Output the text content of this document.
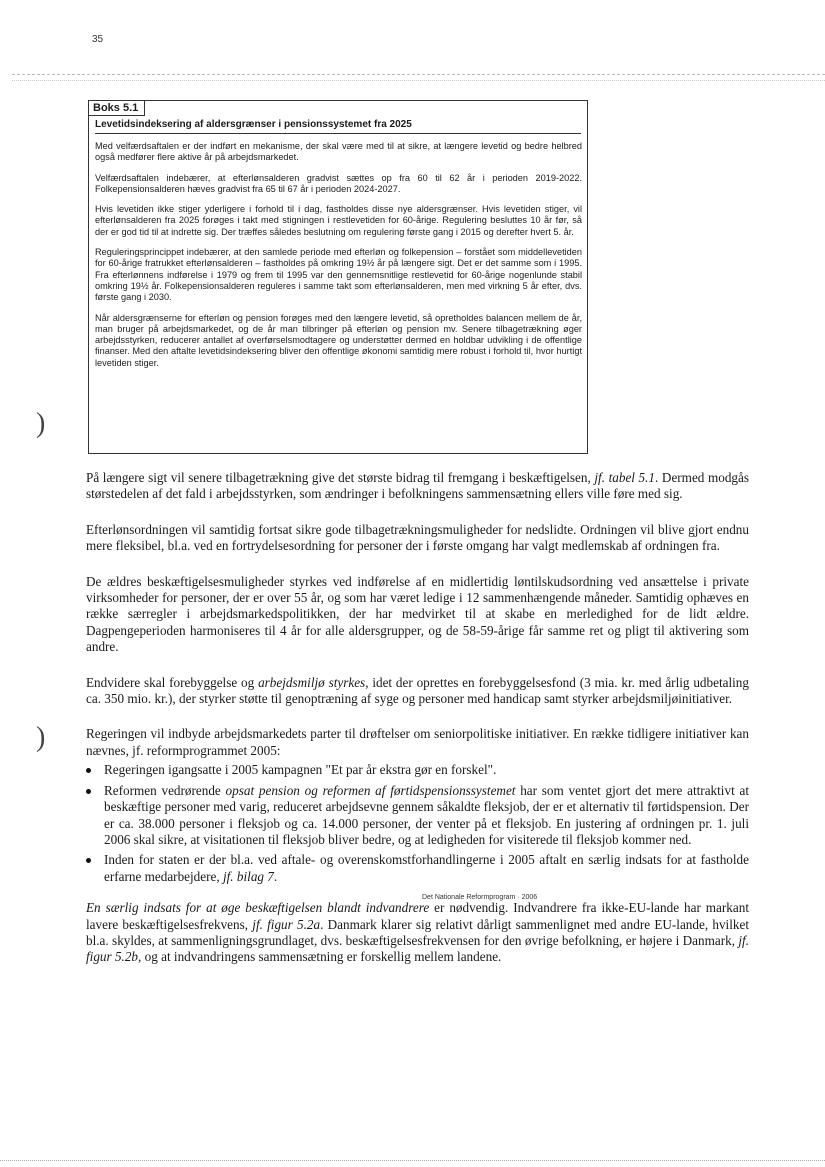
35
Boks 5.1
Levetidsindeksering af aldersgrænser i pensionssystemet fra 2025

Med velfærdsaftalen er der indført en mekanisme, der skal være med til at sikre, at længere levetid og bedre helbred også medfører flere aktive år på arbejdsmarkedet.

Velfærdsaftalen indebærer, at efterlønsalderen gradvist sættes op fra 60 til 62 år i perioden 2019-2022. Folkepensionsalderen hæves gradvist fra 65 til 67 år i perioden 2024-2027.

Hvis levetiden ikke stiger yderligere i forhold til i dag, fastholdes disse nye aldersgrænser. Hvis levetiden stiger, vil efterlønsalderen fra 2025 forøges i takt med stigningen i restlevetiden for 60-årige. Regulering besluttes 10 år før, så der er god tid til at indrette sig. Der træffes således beslutning om regulering første gang i 2015 og derefter hvert 5. år.

Reguleringsprincippet indebærer, at den samlede periode med efterløn og folkepension – forstået som middellevetiden for 60-årige fratrukket efterlønsalderen – fastholdes på omkring 19½ år på længere sigt. Det er det samme som i 1995. Fra efterlønnens indførelse i 1979 og frem til 1995 var den gennemsnitlige restlevetid for 60-årige nogenlunde stabil omkring 19½ år. Folkepensionsalderen reguleres i samme takt som efterlønsalderen, men med virkning 5 år efter, dvs. første gang i 2030.

Når aldersgrænserne for efterløn og pension forøges med den længere levetid, så opretholdes balancen mellem de år, man bruger på arbejdsmarkedet, og de år man tilbringer på efterløn og pension mv. Senere tilbagetrækning øger arbejdsstyrken, reducerer antallet af overførselsmodtagere og understøtter dermed en holdbar udvikling i de offentlige finanser. Med den aftalte levetidsindeksering bliver den offentlige økonomi samtidig mere robust i forhold til, hvor hurtigt levetiden stiger.

)
)

På længere sigt vil senere tilbagetrækning give det største bidrag til fremgang i beskæftigelsen, jf. tabel 5.1. Dermed modgås størstedelen af det fald i arbejdsstyrken, som ændringer i befolkningens sammensætning ellers ville føre med sig.

Efterlønsordningen vil samtidig fortsat sikre gode tilbagetrækningsmuligheder for nedslidte. Ordningen vil blive gjort endnu mere fleksibel, bl.a. ved en fortrydelsesordning for personer der i første omgang har valgt medlemskab af ordningen fra.

De ældres beskæftigelsesmuligheder styrkes ved indførelse af en midlertidig løntilskudsordning ved ansættelse i private virksomheder for personer, der er over 55 år, og som har været ledige i 12 sammenhængende måneder. Samtidig ophæves en række særregler i arbejdsmarkedspolitikken, der har medvirket til at skabe en merledighed for de lidt ældre. Dagpengeperioden harmoniseres til 4 år for alle aldersgrupper, og de 58-59-årige får samme ret og pligt til aktivering som andre.

Endvidere skal forebyggelse og arbejdsmiljø styrkes, idet der oprettes en forebyggelsesfond (3 mia. kr. med årlig udbetaling ca. 350 mio. kr.), der styrker støtte til genoptræning af syge og personer med handicap samt styrker arbejdsmiljøinitiativer.

Regeringen vil indbyde arbejdsmarkedets parter til drøftelser om seniorpolitiske initiativer. En række tidligere initiativer kan nævnes, jf. reformprogrammet 2005:

Regeringen igangsatte i 2005 kampagnen "Et par år ekstra gør en forskel".
Reformen vedrørende opsat pension og reformen af førtidspensionssystemet har som ventet gjort det mere attraktivt at beskæftige personer med varig, reduceret arbejdsevne gennem såkaldte fleksjob, der er et alternativ til førtidspension. Der er ca. 38.000 personer i fleksjob og ca. 14.000 personer, der venter på et fleksjob. En justering af ordningen pr. 1. juli 2006 skal sikre, at visitationen til fleksjob bliver bedre, og at ledigheden for visiterede til fleksjob kommer ned.
Inden for staten er der bl.a. ved aftale- og overenskomstforhandlingerne i 2005 aftalt en særlig indsats for at fastholde erfarne medarbejdere, jf. bilag 7.

En særlig indsats for at øge beskæftigelsen blandt indvandrere er nødvendig. Indvandrere fra ikke-EU-lande har markant lavere beskæftigelsesfrekvens, jf. figur 5.2a. Danmark klarer sig relativt dårligt sammenlignet med andre EU-lande, hvilket bl.a. skyldes, at sammenligningsgrundlaget, dvs. beskæftigelsesfrekvensen for den øvrige befolkning, er højere i Danmark, jf. figur 5.2b, og at indvandringens sammensætning er forskellig mellem landene.

Det Nationale Reformprogram · 2006
